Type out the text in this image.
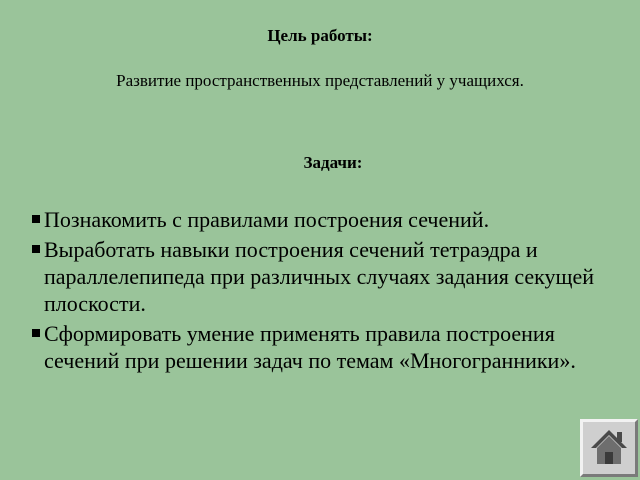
Цель работы:
Развитие пространственных представлений у учащихся.
Задачи:
Познакомить с правилами построения сечений.
Выработать навыки построения сечений тетраэдра и параллелепипеда при различных случаях задания секущей плоскости.
Сформировать умение применять правила построения сечений при решении задач по темам «Многогранники».
